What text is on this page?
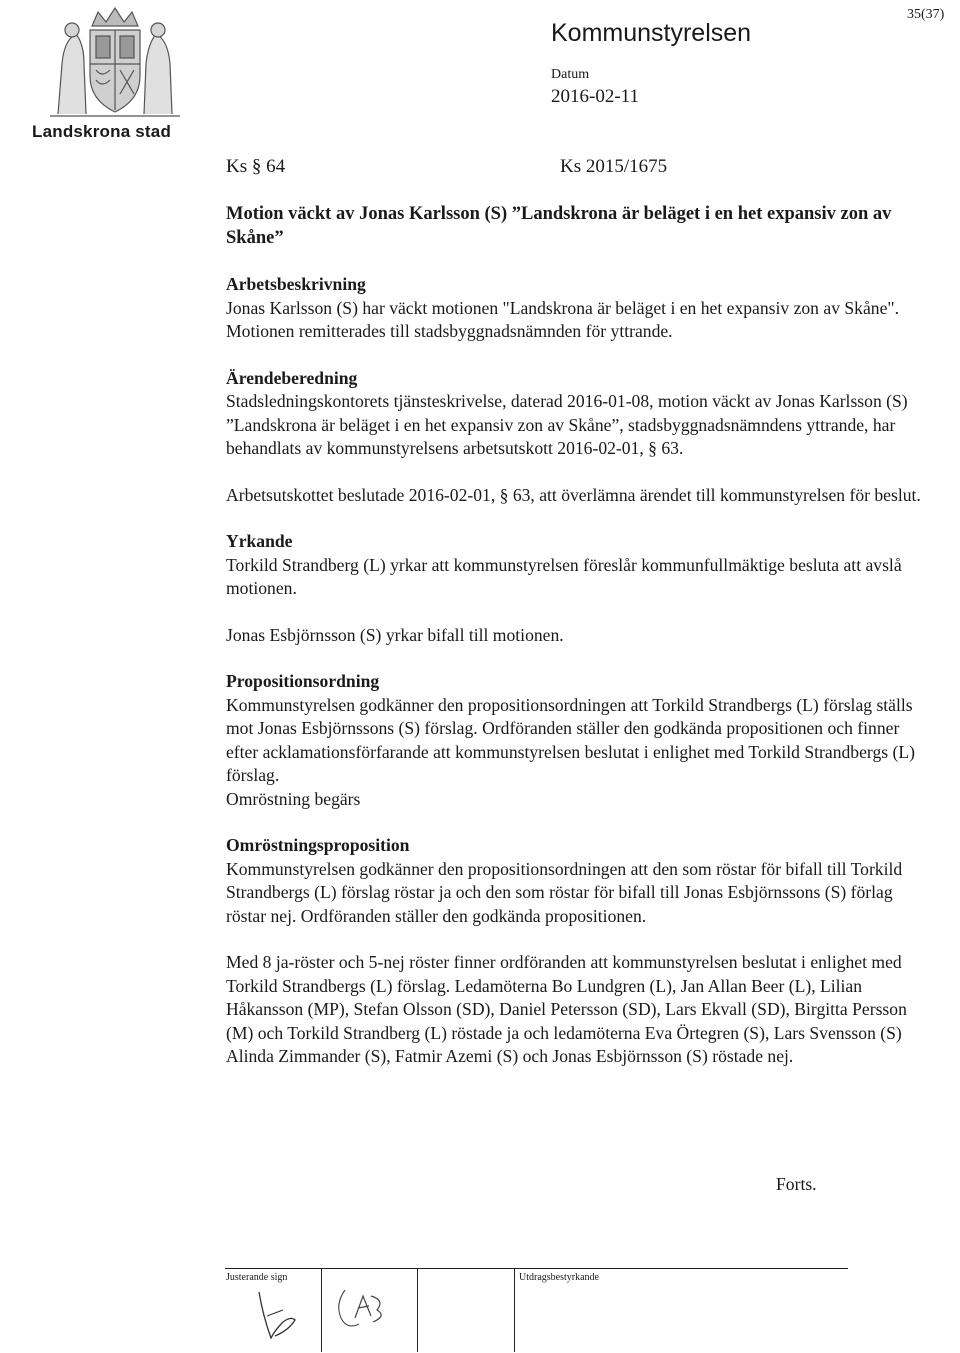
Landskrona stad
Kommunstyrelsen
Datum
2016-02-11
35(37)
Ks § 64	Ks 2015/1675
Motion väckt av Jonas Karlsson (S) ”Landskrona är beläget i en het expansiv zon av Skåne”
Arbetsbeskrivning

Jonas Karlsson (S) har väckt motionen "Landskrona är beläget i en het expansiv zon av Skåne". Motionen remitterades till stadsbyggnadsnämnden för yttrande.

Ärendeberedning

Stadsledningskontorets tjänsteskrivelse, daterad 2016-01-08, motion väckt av Jonas Karlsson (S) ”Landskrona är beläget i en het expansiv zon av Skåne”, stadsbyggnadsnämndens yttrande, har behandlats av kommunstyrelsens arbetsutskott 2016-02-01, § 63.

Arbetsutskottet beslutade 2016-02-01, § 63, att överlämna ärendet till kommunstyrelsen för beslut.

Yrkande

Torkild Strandberg (L) yrkar att kommunstyrelsen föreslår kommunfullmäktige besluta att avslå motionen.

Jonas Esbjörnsson (S) yrkar bifall till motionen.

Propositionsordning

Kommunstyrelsen godkänner den propositionsordningen att Torkild Strandbergs (L) förslag ställs mot Jonas Esbjörnssons (S) förslag. Ordföranden ställer den godkända propositionen och finner efter acklamationsförfarande att kommunstyrelsen beslutat i enlighet med Torkild Strandbergs (L) förslag.

Omröstning begärs

Omröstningsproposition

Kommunstyrelsen godkänner den propositionsordningen att den som röstar för bifall till Torkild Strandbergs (L) förslag röstar ja och den som röstar för bifall till Jonas Esbjörnssons (S) förlag röstar nej. Ordföranden ställer den godkända propositionen.

Med 8 ja-röster och 5-nej röster finner ordföranden att kommunstyrelsen beslutat i enlighet med Torkild Strandbergs (L) förslag. Ledamöterna Bo Lundgren (L), Jan Allan Beer (L), Lilian Håkansson (MP), Stefan Olsson (SD), Daniel Petersson (SD), Lars Ekvall (SD), Birgitta Persson (M) och Torkild Strandberg (L) röstade ja och ledamöterna Eva Örtegren (S), Lars Svensson (S) Alinda Zimmander (S), Fatmir Azemi (S) och Jonas Esbjörnsson (S) röstade nej.

Forts.
Justerande sign	Utdragsbestyrkande
